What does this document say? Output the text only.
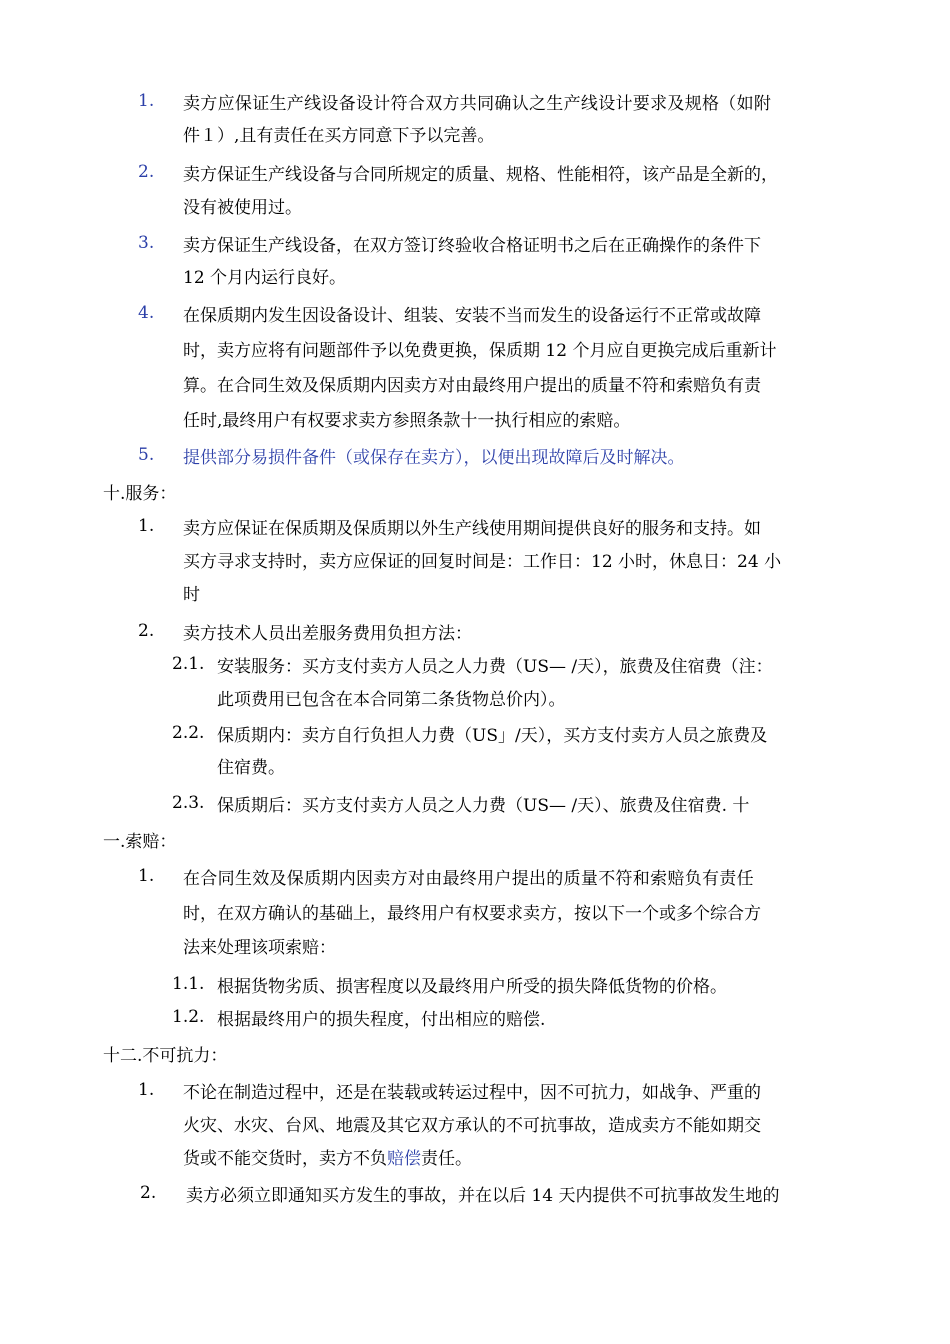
1. 卖方应保证生产线设备设计符合双方共同确认之生产线设计要求及规格（如附
件１）,且有责任在买方同意下予以完善。
2. 卖方保证生产线设备与合同所规定的质量、规格、性能相符，该产品是全新的，
没有被使用过。
3. 卖方保证生产线设备，在双方签订终验收合格证明书之后在正确操作的条件下
12 个月内运行良好。
4. 在保质期内发生因设备设计、组装、安装不当而发生的设备运行不正常或故障
时，卖方应将有问题部件予以免费更换，保质期 12 个月应自更换完成后重新计
算。在合同生效及保质期内因卖方对由最终用户提出的质量不符和索赔负有责
任时,最终用户有权要求卖方参照条款十一执行相应的索赔。
5. 提供部分易损件备件（或保存在卖方），以便出现故障后及时解决。
十.服务：
1. 卖方应保证在保质期及保质期以外生产线使用期间提供良好的服务和支持。如
买方寻求支持时，卖方应保证的回复时间是：工作日：12 小时，休息日：24 小
时
2. 卖方技术人员出差服务费用负担方法：
2.1. 安装服务：买方支付卖方人员之人力费（US— /天），旅费及住宿费（注：
此项费用已包含在本合同第二条货物总价内）。
2.2. 保质期内：卖方自行负担人力费（US」/天），买方支付卖方人员之旅费及
住宿费。
2.3. 保质期后：买方支付卖方人员之人力费（US— /天）、旅费及住宿费. 十
一.索赔：
1. 在合同生效及保质期内因卖方对由最终用户提出的质量不符和索赔负有责任
时，在双方确认的基础上，最终用户有权要求卖方，按以下一个或多个综合方
法来处理该项索赔：
1.1. 根据货物劣质、损害程度以及最终用户所受的损失降低货物的价格。
1.2. 根据最终用户的损失程度，付出相应的赔偿.
十二.不可抗力：
1. 不论在制造过程中，还是在装载或转运过程中，因不可抗力，如战争、严重的
火灾、水灾、台风、地震及其它双方承认的不可抗事故，造成卖方不能如期交
货或不能交货时，卖方不负赔偿责任。
2. 卖方必须立即通知买方发生的事故，并在以后 14 天内提供不可抗事故发生地的
